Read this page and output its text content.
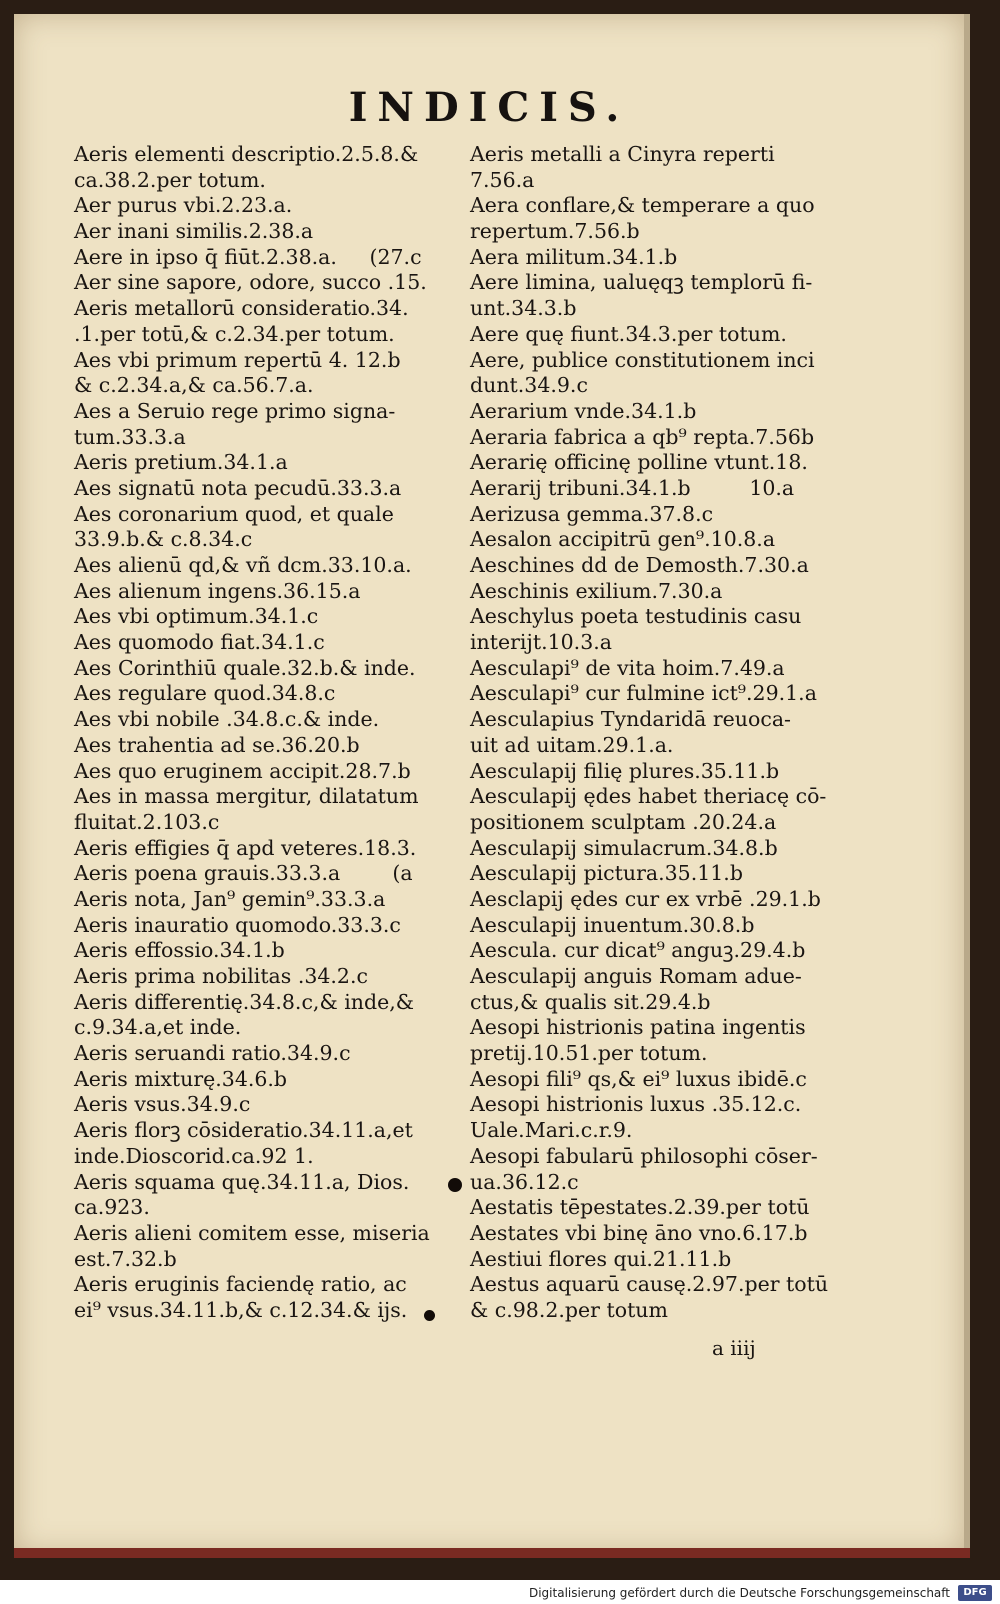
INDICIS.
Aeris elementi descriptio.2.5.8.&
ca.38.2.per totum.
Aer purus vbi.2.23.a.
Aer inani similis.2.38.a
Aere in ipso q̄ fiūt.2.38.a.     (27.c
Aer sine sapore, odore, succo .15.
Aeris metallorū consideratio.34.
.1.per totū,& c.2.34.per totum.
Aes vbi primum repertū 4. 12.b
& c.2.34.a,& ca.56.7.a.
Aes a Seruio rege primo signa-
tum.33.3.a
Aeris pretium.34.1.a
Aes signatū nota pecudū.33.3.a
Aes coronarium quod, et quale
33.9.b.& c.8.34.c
Aes alienū qd,& vñ dcm.33.10.a.
Aes alienum ingens.36.15.a
Aes vbi optimum.34.1.c
Aes quomodo fiat.34.1.c
Aes Corinthiū quale.32.b.& inde.
Aes regulare quod.34.8.c
Aes vbi nobile .34.8.c.& inde.
Aes trahentia ad se.36.20.b
Aes quo eruginem accipit.28.7.b
Aes in massa mergitur, dilatatum
fluitat.2.103.c
Aeris effigies q̄ apd veteres.18.3.
Aeris poena grauis.33.3.a        (a
Aeris nota, Jan⁹ gemin⁹.33.3.a
Aeris inauratio quomodo.33.3.c
Aeris effossio.34.1.b
Aeris prima nobilitas .34.2.c
Aeris differentię.34.8.c,& inde,&
c.9.34.a,et inde.
Aeris seruandi ratio.34.9.c
Aeris mixturę.34.6.b
Aeris vsus.34.9.c
Aeris florꝫ cōsideratio.34.11.a,et
inde.Dioscorid.ca.92 1.
Aeris squama quę.34.11.a, Dios.
ca.923.
Aeris alieni comitem esse, miseria
est.7.32.b
Aeris eruginis faciendę ratio, ac
ei⁹ vsus.34.11.b,& c.12.34.& ijs.
Aeris metalli a Cinyra reperti
7.56.a
Aera conflare,& temperare a quo
repertum.7.56.b
Aera militum.34.1.b
Aere limina, ualuęqꝫ templorū fi-
unt.34.3.b
Aere quę fiunt.34.3.per totum.
Aere, publice constitutionem inci
dunt.34.9.c
Aerarium vnde.34.1.b
Aeraria fabrica a qb⁹ repta.7.56b
Aerarię officinę polline vtunt.18.
Aerarij tribuni.34.1.b         10.a
Aerizusa gemma.37.8.c
Aesalon accipitrū gen⁹.10.8.a
Aeschines dd de Demosth.7.30.a
Aeschinis exilium.7.30.a
Aeschylus poeta testudinis casu
interijt.10.3.a
Aesculapi⁹ de vita hoim.7.49.a
Aesculapi⁹ cur fulmine ict⁹.29.1.a
Aesculapius Tyndaridā reuoca-
uit ad uitam.29.1.a.
Aesculapij filię plures.35.11.b
Aesculapij ędes habet theriacę cō-
positionem sculptam .20.24.a
Aesculapij simulacrum.34.8.b
Aesculapij pictura.35.11.b
Aesclapij ędes cur ex vrbē .29.1.b
Aesculapij inuentum.30.8.b
Aescula. cur dicat⁹ anguꝫ.29.4.b
Aesculapij anguis Romam adue-
ctus,& qualis sit.29.4.b
Aesopi histrionis patina ingentis
pretij.10.51.per totum.
Aesopi fili⁹ qs,& ei⁹ luxus ibidē.c
Aesopi histrionis luxus .35.12.c.
Uale.Mari.c.r.9.
Aesopi fabularū philosophi cōser-
ua.36.12.c
Aestatis tēpestates.2.39.per totū
Aestates vbi binę āno vno.6.17.b
Aestiui flores qui.21.11.b
Aestus aquarū causę.2.97.per totū
& c.98.2.per totum
a iiij
Digitalisierung gefördert durch die Deutsche Forschungsgemeinschaft	DFG
